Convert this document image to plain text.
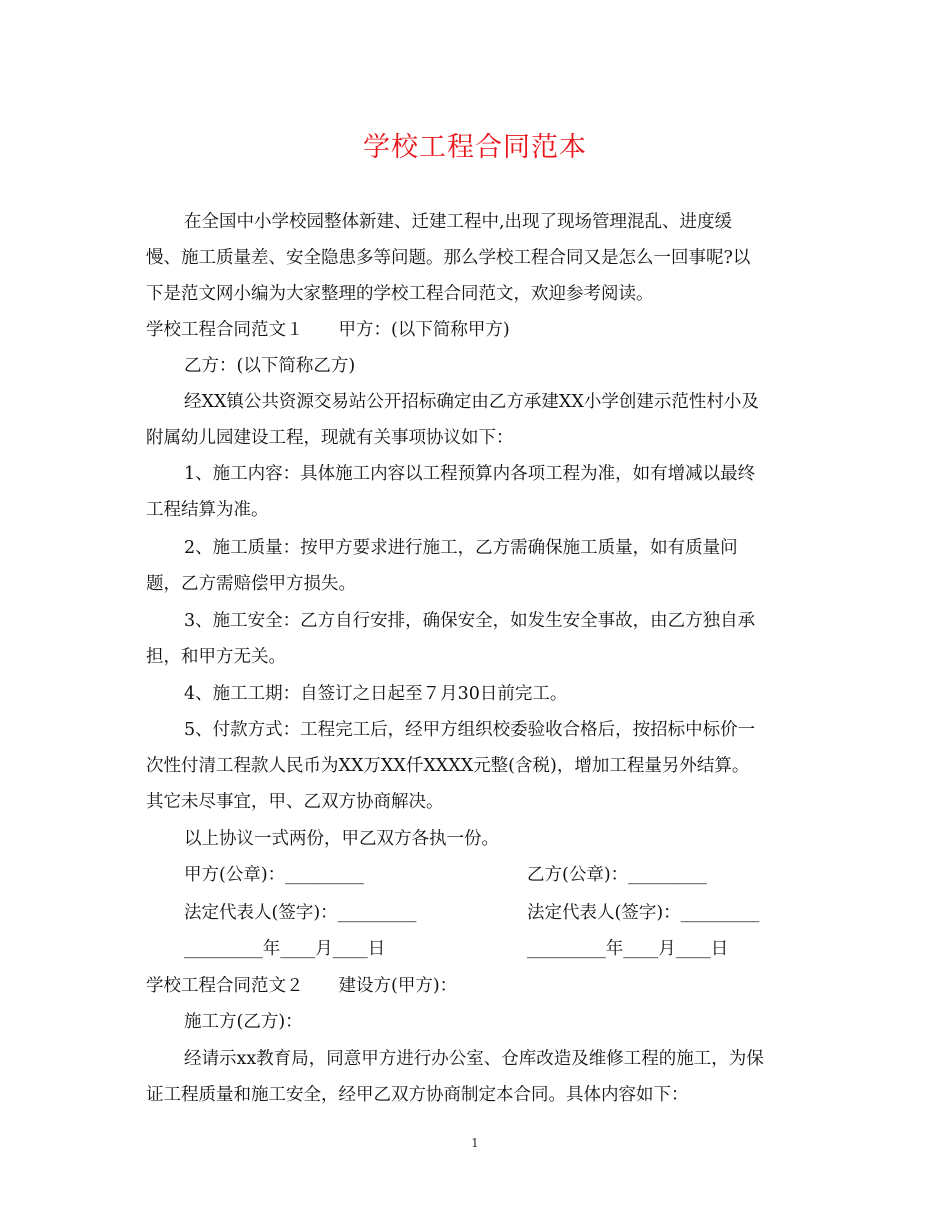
学校工程合同范本
在全国中小学校园整体新建、迁建工程中,出现了现场管理混乱、进度缓
慢、施工质量差、安全隐患多等问题。那么学校工程合同又是怎么一回事呢?以
下是范文网小编为大家整理的学校工程合同范文，欢迎参考阅读。
学校工程合同范文１　　甲方：(以下简称甲方)
乙方：(以下简称乙方)
经XX镇公共资源交易站公开招标确定由乙方承建XX小学创建示范性村小及
附属幼儿园建设工程，现就有关事项协议如下：
1、施工内容：具体施工内容以工程预算内各项工程为准，如有增减以最终
工程结算为准。
2、施工质量：按甲方要求进行施工，乙方需确保施工质量，如有质量问
题，乙方需赔偿甲方损失。
3、施工安全：乙方自行安排，确保安全，如发生安全事故，由乙方独自承
担，和甲方无关。
4、施工工期：自签订之日起至７月30日前完工。
5、付款方式：工程完工后，经甲方组织校委验收合格后，按招标中标价一
次性付清工程款人民币为XX万XX仟XXXX元整(含税)，增加工程量另外结算。
其它未尽事宜，甲、乙双方协商解决。
以上协议一式两份，甲乙双方各执一份。
甲方(公章)：_________	乙方(公章)：_________
法定代表人(签字)：_________	法定代表人(签字)：_________
_________年____月____日	_________年____月____日
学校工程合同范文２　　建设方(甲方)：
施工方(乙方)：
经请示xx教育局，同意甲方进行办公室、仓库改造及维修工程的施工，为保
证工程质量和施工安全，经甲乙双方协商制定本合同。具体内容如下：
1
